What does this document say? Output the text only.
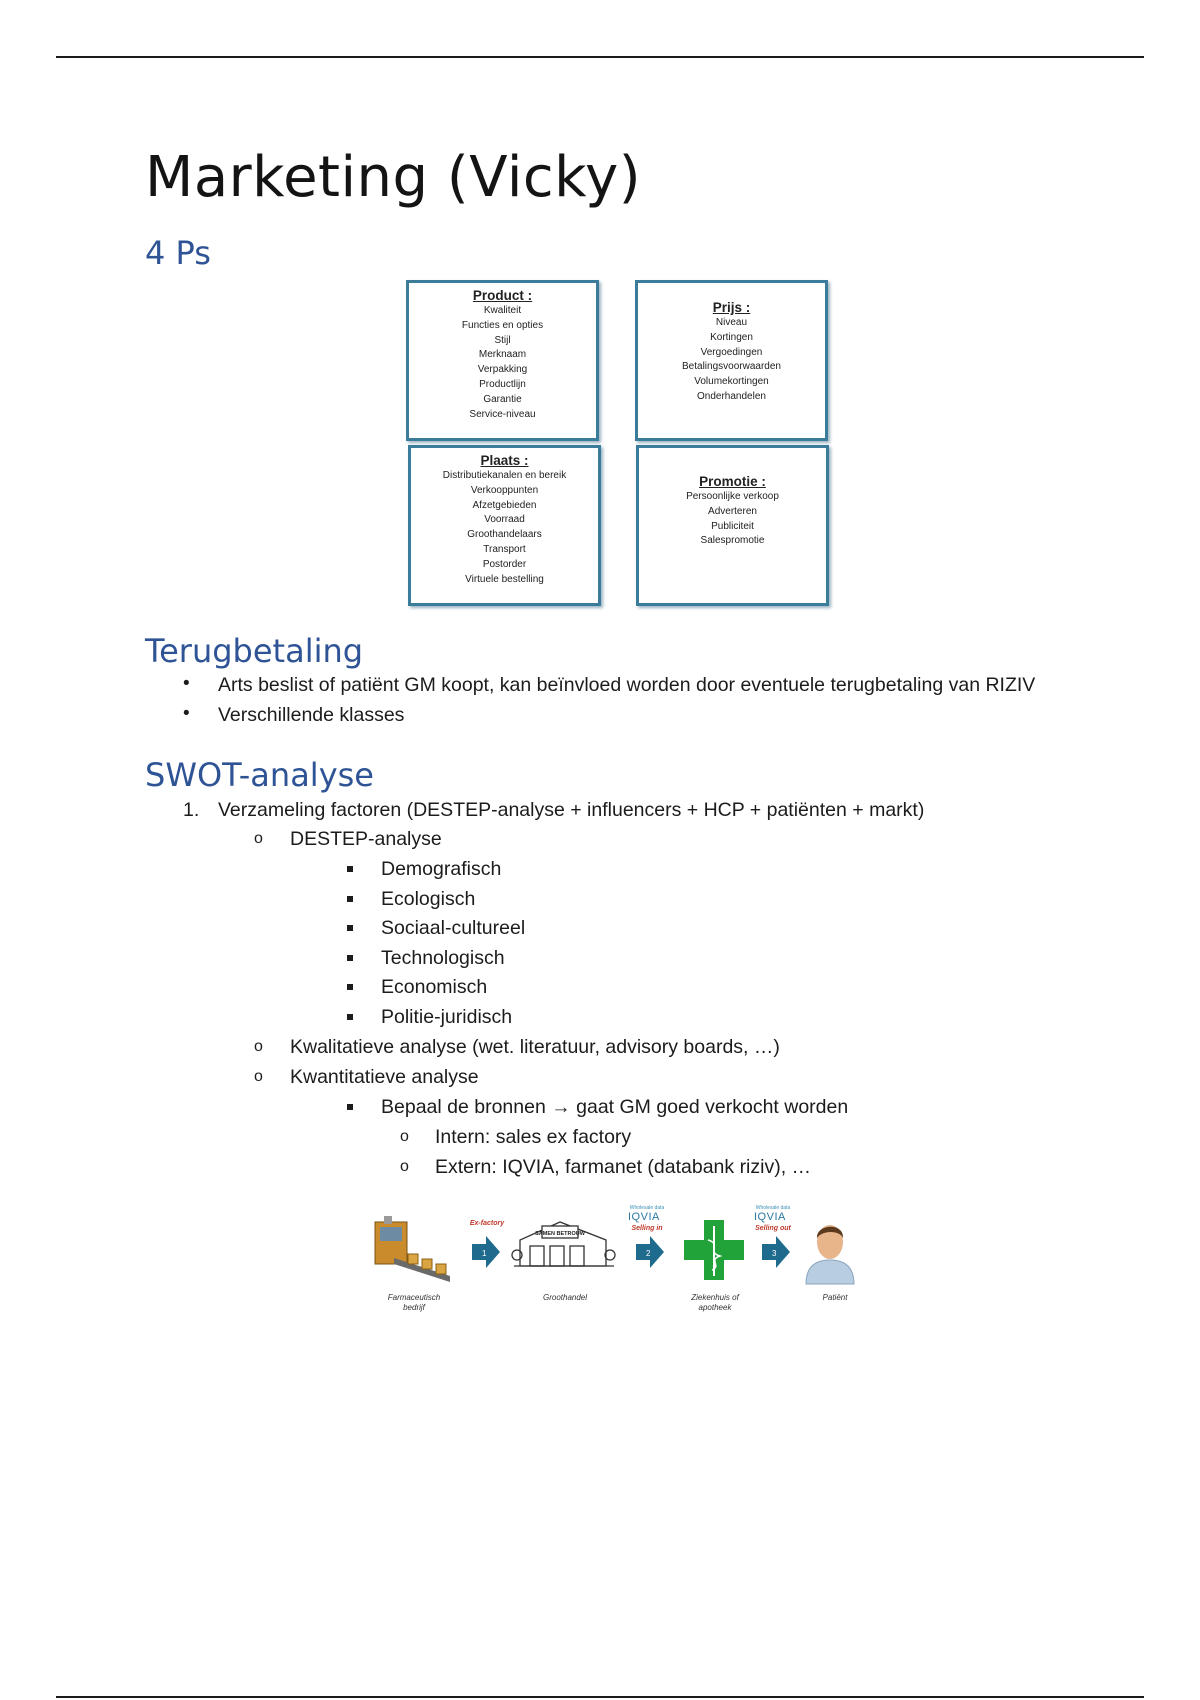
Marketing (Vicky)
4 Ps
Product :
Kwaliteit
Functies en opties
Stijl
Merknaam
Verpakking
Productlijn
Garantie
Service-niveau
Prijs :
Niveau
Kortingen
Vergoedingen
Betalingsvoorwaarden
Volumekortingen
Onderhandelen
Plaats :
Distributiekanalen en bereik
Verkooppunten
Afzetgebieden
Voorraad
Groothandelaars
Transport
Postorder
Virtuele bestelling
Promotie :
Persoonlijke verkoop
Adverteren
Publiciteit
Salespromotie
Terugbetaling
• Arts beslist of patiënt GM koopt, kan beïnvloed worden door eventuele terugbetaling van RIZIV
• Verschillende klasses
SWOT-analyse
1. Verzameling factoren (DESTEP-analyse + influencers + HCP + patiënten + markt)
o DESTEP-analyse
Demografisch
Ecologisch
Sociaal-cultureel
Technologisch
Economisch
Politie-juridisch
o Kwalitatieve analyse (wet. literatuur, advisory boards, …)
o Kwantitatieve analyse
Bepaal de bronnen → gaat GM goed verkocht worden
o Intern: sales ex factory
o Extern: IQVIA, farmanet (databank riziv), …
1
SAMEN BETROUW
2	3
Ex-factory
Wholesale data
IQVIA
Selling in
Wholesale data
IQVIA
Selling out
Farmaceutisch bedrijf
Groothandel	Ziekenhuis of apotheek
Patiënt
